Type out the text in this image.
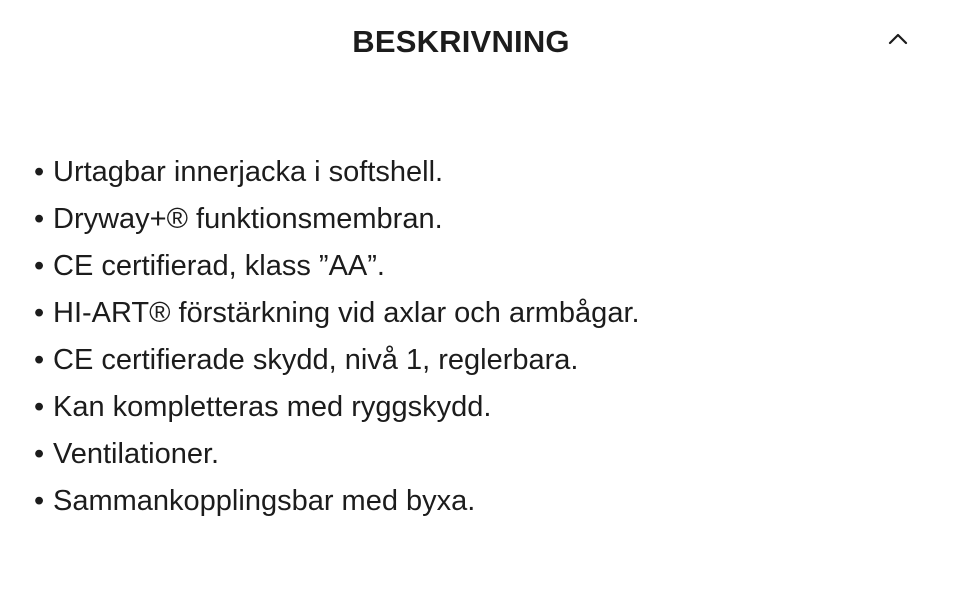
BESKRIVNING
• Urtagbar innerjacka i softshell.
• Dryway+® funktionsmembran.
• CE certifierad, klass ”AA”.
• HI-ART® förstärkning vid axlar och armbågar.
• CE certifierade skydd, nivå 1, reglerbara.
• Kan kompletteras med ryggskydd.
• Ventilationer.
• Sammankopplingsbar med byxa.
